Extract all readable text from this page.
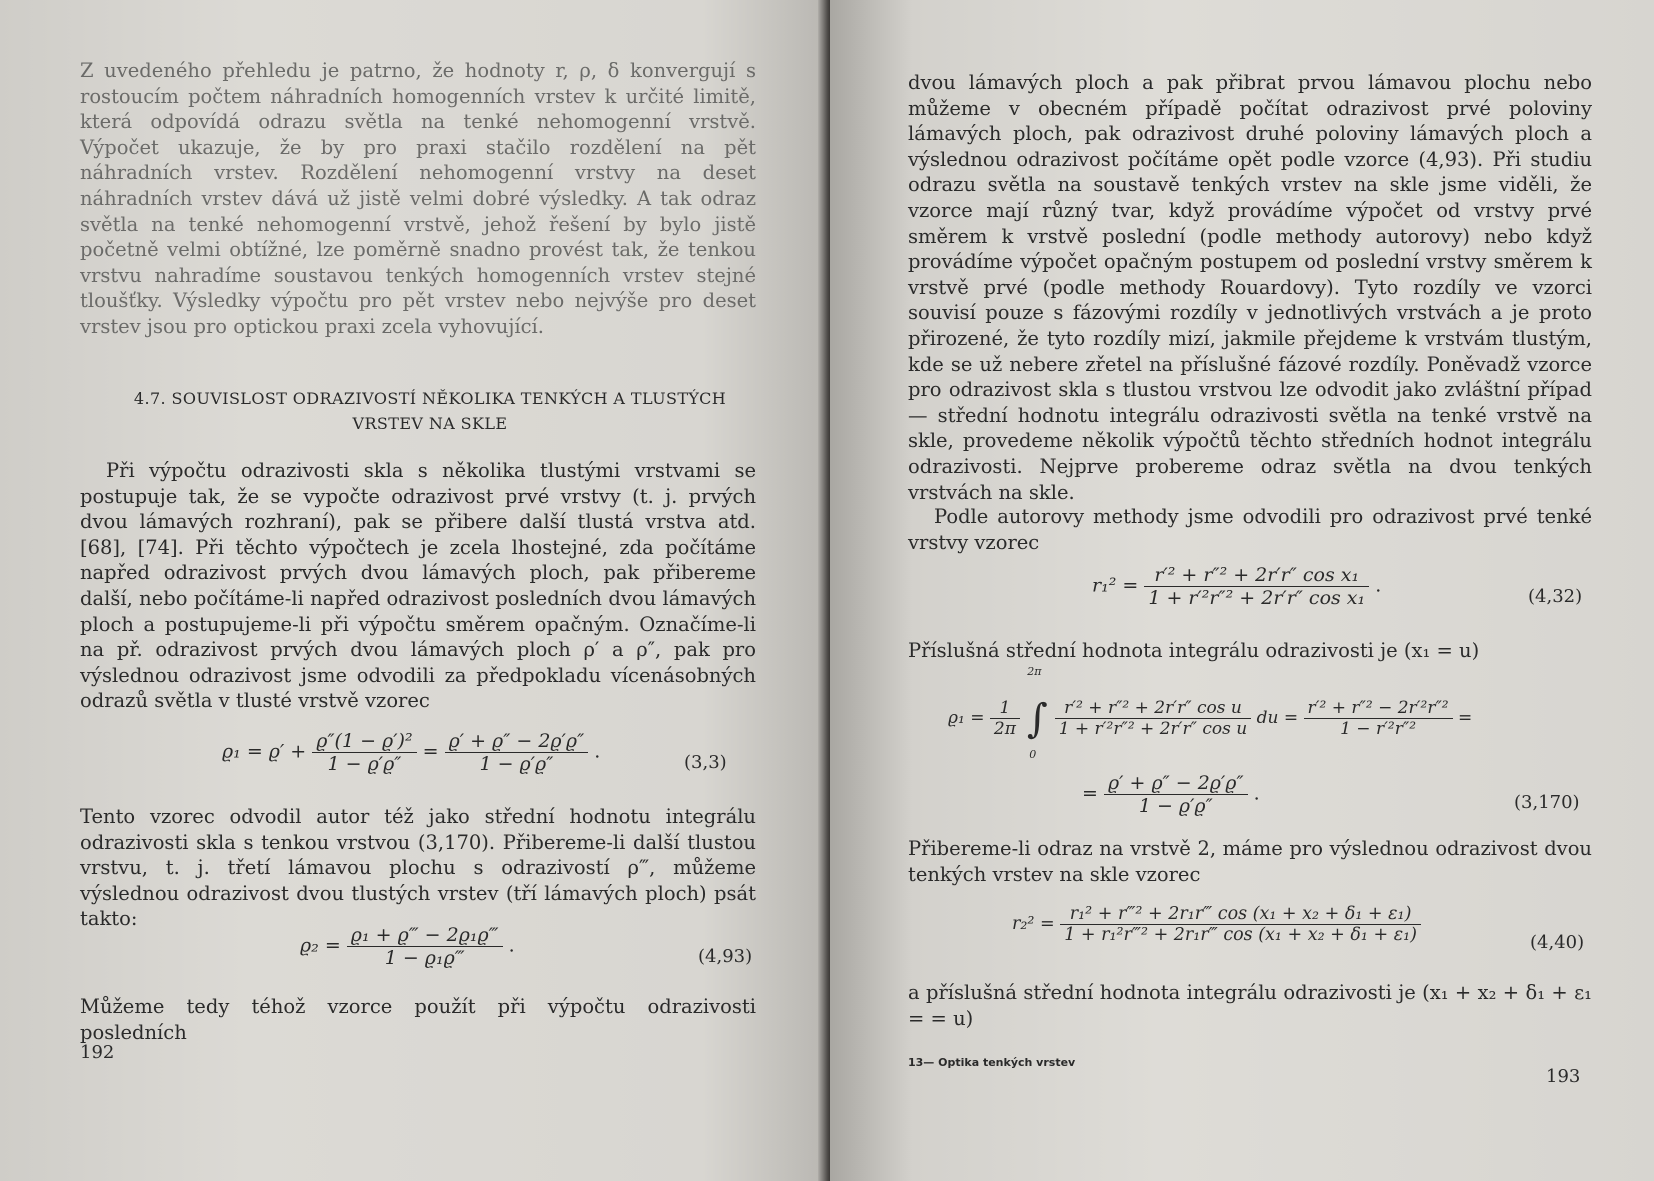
Z uvedeného přehledu je patrno, že hodnoty r, ρ, δ konvergují s rostoucím počtem náhradních homogenních vrstev k určité limitě, která odpovídá odrazu světla na tenké nehomogenní vrstvě. Výpočet ukazuje, že by pro praxi stačilo rozdělení na pět náhradních vrstev. Rozdělení nehomogenní vrstvy na deset náhradních vrstev dává už jistě velmi dobré výsledky. A tak odraz světla na tenké nehomogenní vrstvě, jehož řešení by bylo jistě početně velmi obtížné, lze poměrně snadno provést tak, že tenkou vrstvu nahradíme soustavou tenkých homogenních vrstev stejné tloušťky. Výsledky výpočtu pro pět vrstev nebo nejvýše pro deset vrstev jsou pro optickou praxi zcela vyhovující.

4.7. SOUVISLOST ODRAZIVOSTÍ NĚKOLIKA TENKÝCH A TLUSTÝCH
VRSTEV NA SKLE

Při výpočtu odrazivosti skla s několika tlustými vrstvami se postupuje tak, že se vypočte odrazivost prvé vrstvy (t. j. prvých dvou lámavých rozhraní), pak se přibere další tlustá vrstva atd. [68], [74]. Při těchto výpočtech je zcela lhostejné, zda počítáme napřed odrazivost prvých dvou lámavých ploch, pak přibereme další, nebo počítáme-li napřed odrazivost posledních dvou lámavých ploch a postupujeme-li při výpočtu směrem opačným. Označíme-li na př. odrazivost prvých dvou lámavých ploch ρ′ a ρ″, pak pro výslednou odrazivost jsme odvodili za předpokladu vícenásobných odrazů světla v tlusté vrstvě vzorec

$ϱ_1 = ϱ' + \frac{\text{ϱ″(1 − ϱ′)²}}{1 - ϱ'ϱ''} = \frac{ϱ' + ϱ'' - 2ϱ'ϱ''}{1 - ϱ'ϱ''}$ .	(3,3)

Tento vzorec odvodil autor též jako střední hodnotu integrálu odrazivosti skla s tenkou vrstvou (3,170). Přibereme-li další tlustou vrstvu, t. j. třetí lámavou plochu s odrazivostí ρ‴, můžeme výslednou odrazivost dvou tlustých vrstev (tří lámavých ploch) psát takto:

$ϱ_2 = \frac{\text{ϱ₁ + ϱ‴ − 2ϱ₁ϱ‴}}{\text{1 − ϱ₁ϱ‴}}$ .	(4,93)

Můžeme tedy téhož vzorce použít při výpočtu odrazivosti posledních

192

dvou lámavých ploch a pak přibrat prvou lámavou plochu nebo můžeme v obecném případě počítat odrazivost prvé poloviny lámavých ploch, pak odrazivost druhé poloviny lámavých ploch a výslednou odrazivost počítáme opět podle vzorce (4,93). Při studiu odrazu světla na soustavě tenkých vrstev na skle jsme viděli, že vzorce mají různý tvar, když provádíme výpočet od vrstvy prvé směrem k vrstvě poslední (podle methody autorovy) nebo když provádíme výpočet opačným postupem od poslední vrstvy směrem k vrstvě prvé (podle methody Rouardovy). Tyto rozdíly ve vzorci souvisí pouze s fázovými rozdíly v jednotlivých vrstvách a je proto přirozené, že tyto rozdíly mizí, jakmile přejdeme k vrstvám tlustým, kde se už nebere zřetel na příslušné fázové rozdíly. Poněvadž vzorce pro odrazivost skla s tlustou vrstvou lze odvodit jako zvláštní případ — střední hodnotu integrálu odrazivosti světla na tenké vrstvě na skle, provedeme několik výpočtů těchto středních hodnot integrálu odrazivosti. Nejprve probereme odraz světla na dvou tenkých vrstvách na skle.

Podle autorovy methody jsme odvodili pro odrazivost prvé tenké vrstvy vzorec

$r_1^2 = \frac{\text{r′² + r″² + 2r′r″ cos x₁}}{\text{1 + r′²r″² + 2r′r″ cos x₁}}$ .	(4,32)

Příslušná střední hodnota integrálu odrazivosti je (x₁ = u)

$ϱ_1 = \frac{1}{2\pi}$

2π
∫
0

$\frac{\text{r′² + r″² + 2r′r″ cos u}}{\text{1 + r′²r″² + 2r′r″ cos u}}$ du = $\frac{\text{r′² + r″² − 2r′²r″²}}{\text{1 − r′²r″²}}$ =
= $\frac{ϱ' + ϱ'' - 2ϱ'ϱ''}{1 - ϱ'ϱ''}$ .	(3,170)

Přibereme-li odraz na vrstvě 2, máme pro výslednou odrazivost dvou tenkých vrstev na skle vzorec

$r_2^2 = \frac{\text{r₁² + r‴² + 2r₁r‴ cos (x₁ + x₂ + δ₁ + ε₁)}}{\text{1 + r₁²r‴² + 2r₁r‴ cos (x₁ + x₂ + δ₁ + ε₁)}}$	(4,40)

a příslušná střední hodnota integrálu odrazivosti je (x₁ + x₂ + δ₁ + ε₁ = = u)

13— Optika tenkých vrstev
193
